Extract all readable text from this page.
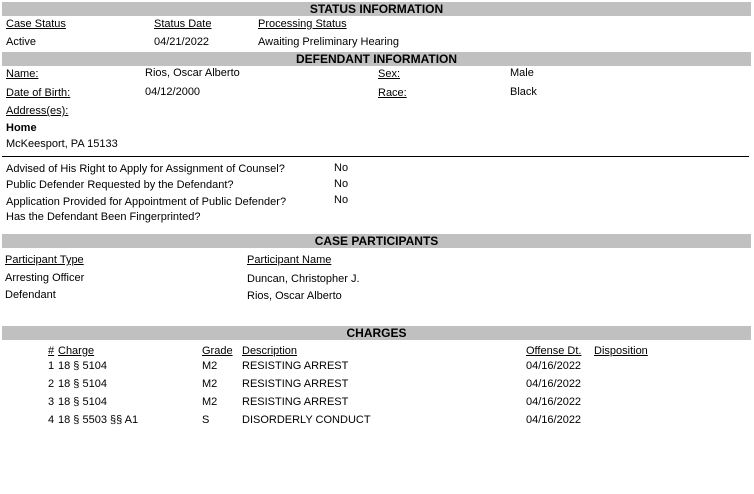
STATUS INFORMATION
Case Status	Status Date	Processing Status
Active	04/21/2022	Awaiting Preliminary Hearing
DEFENDANT INFORMATION
Name:	Rios, Oscar Alberto	Sex:	Male
Date of Birth:	04/12/2000	Race:	Black
Address(es):
Home
McKeesport, PA 15133
Advised of His Right to Apply for Assignment of Counsel?	No
Public Defender Requested by the Defendant?	No
Application Provided for Appointment of Public Defender?	No
Has the Defendant Been Fingerprinted?
CASE PARTICIPANTS
Participant Type	Participant Name
Arresting Officer	Duncan, Christopher J.
Defendant	Rios, Oscar Alberto
CHARGES
# Charge	Grade Description	Offense Dt. Disposition
1 18 § 5104	M2 RESISTING ARREST	04/16/2022
2 18 § 5104	M2 RESISTING ARREST	04/16/2022
3 18 § 5104	M2 RESISTING ARREST	04/16/2022
4 18 § 5503 §§ A1	S	DISORDERLY CONDUCT	04/16/2022
